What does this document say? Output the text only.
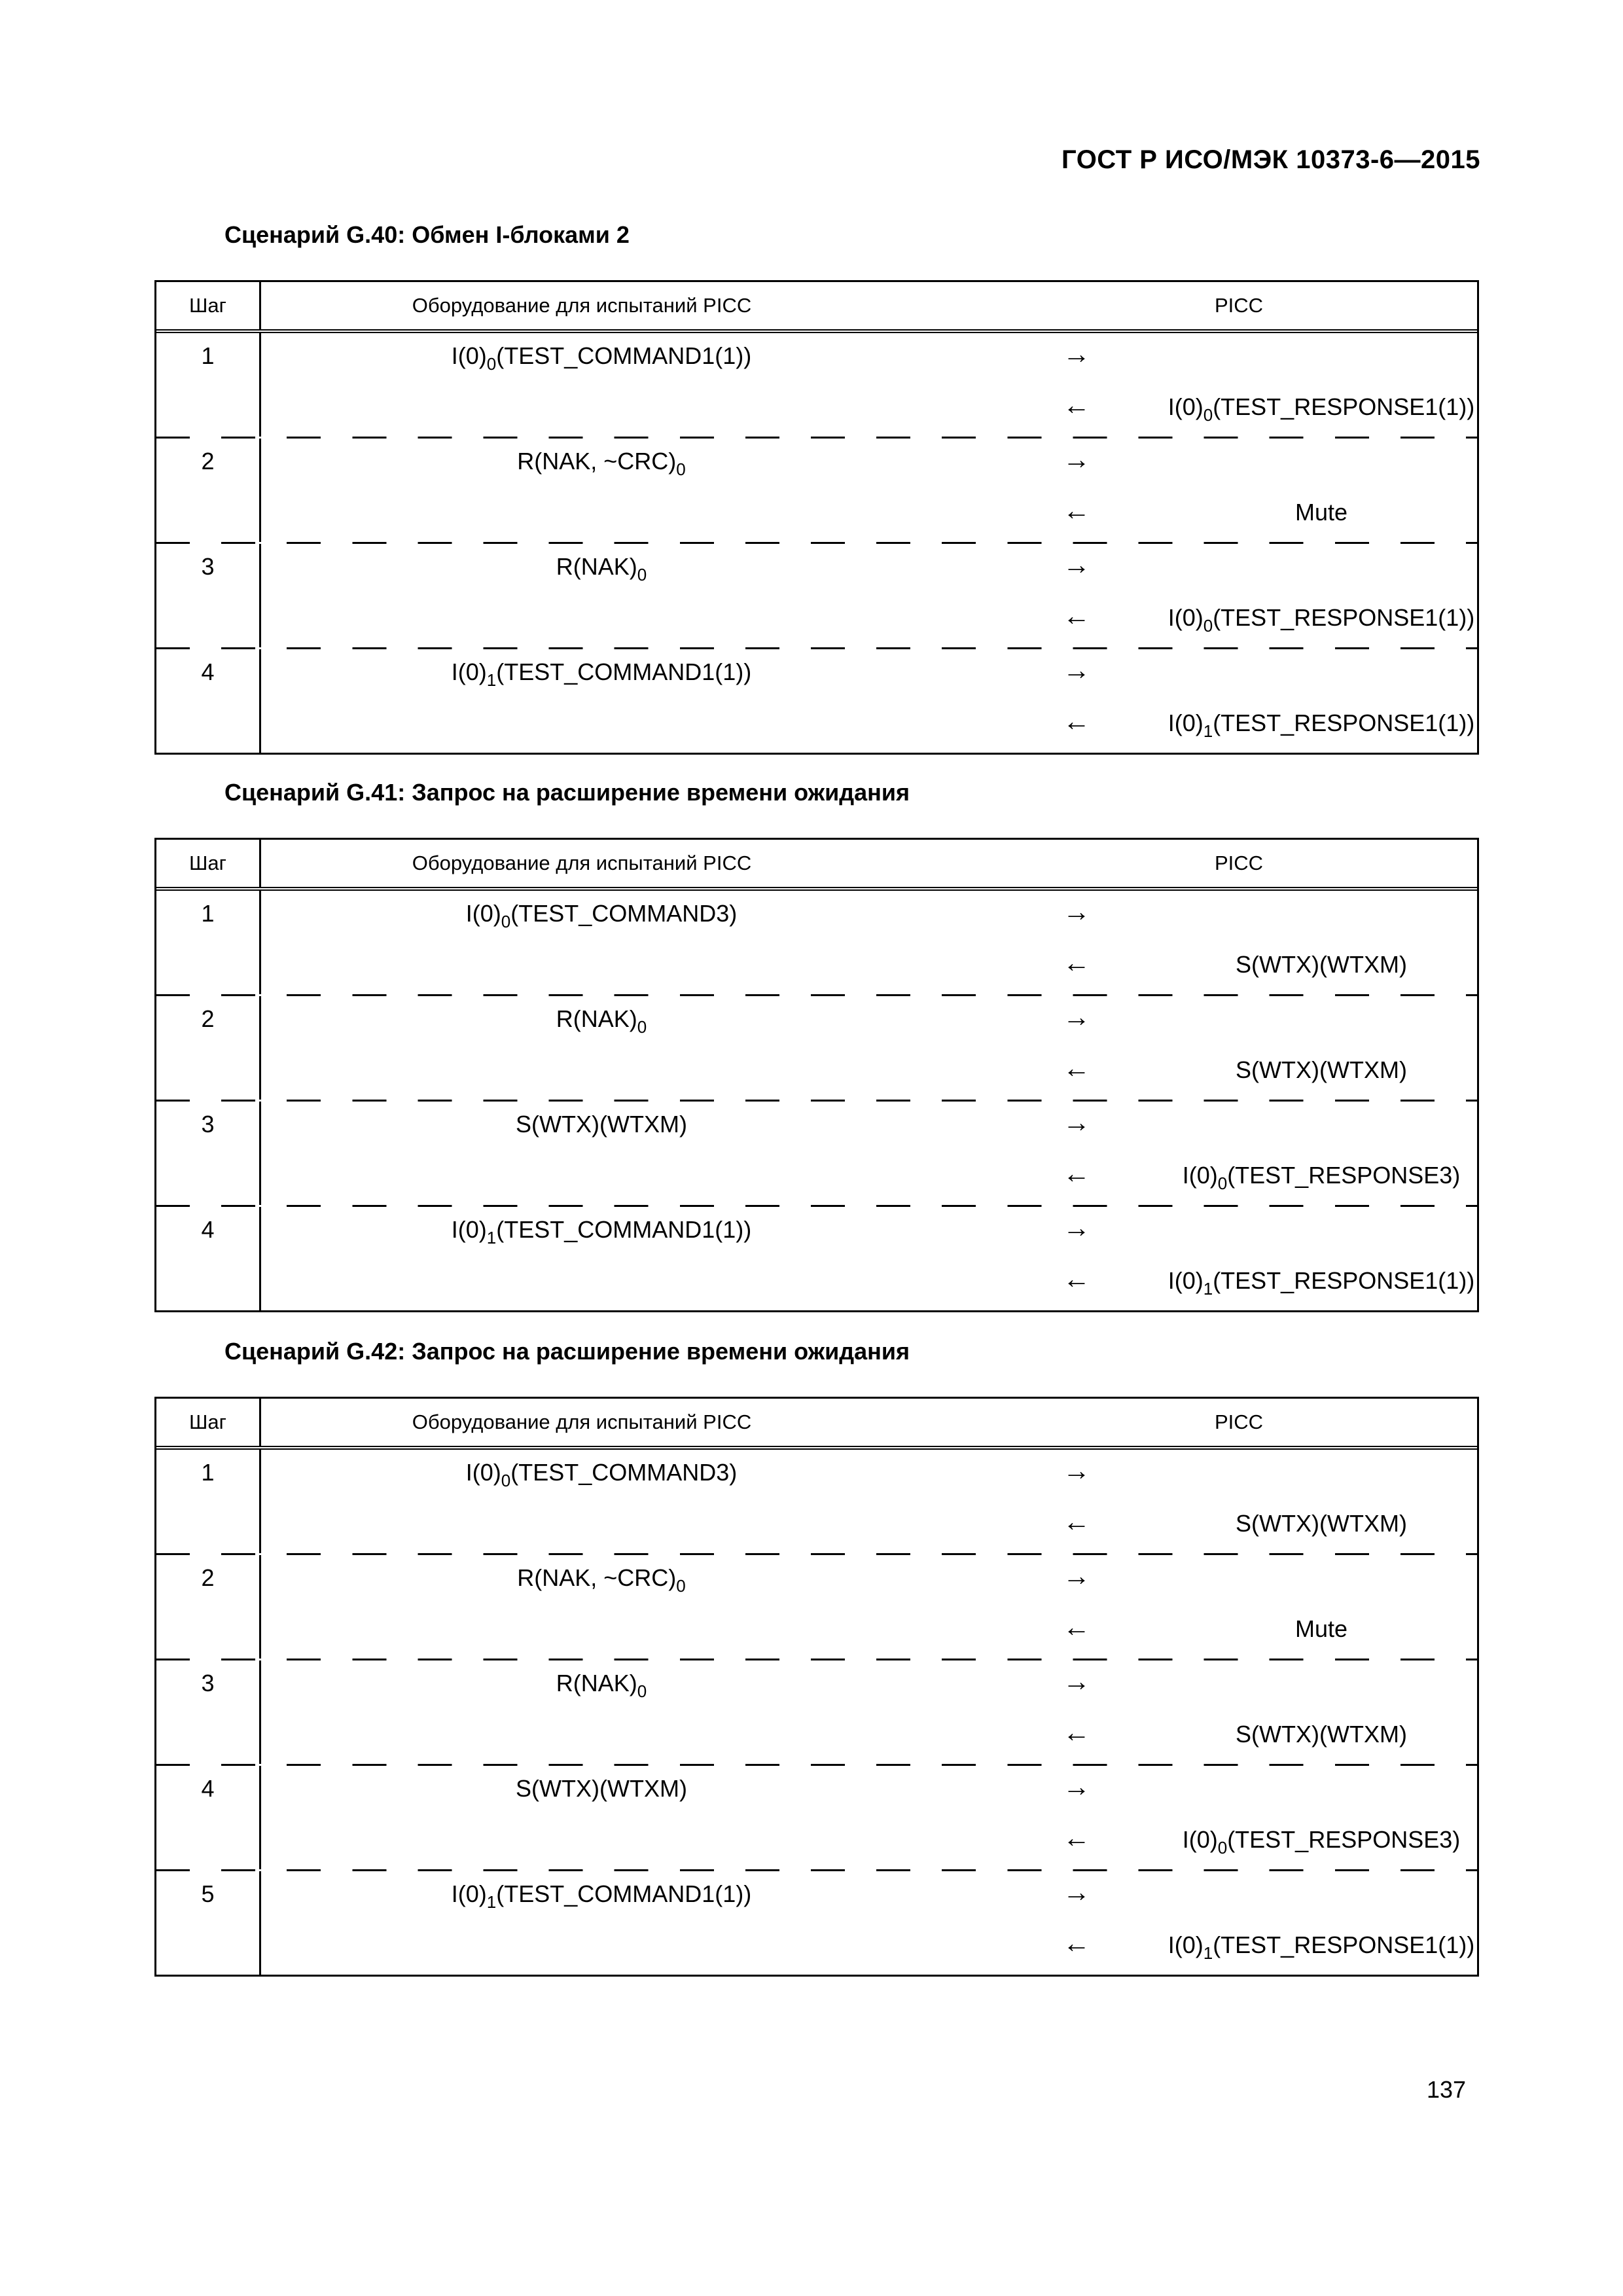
ГОСТ Р ИСО/МЭК 10373-6—2015
Сценарий G.40: Обмен I-блоками 2
Шаг	Оборудование для испытаний PICC	PICC
1	$I(0)_0(TEST\_COMMAND1(1))$	→
←	$I(0)_0(TEST\_RESPONSE1(1))$
2	R(NAK, $\sim CRC)_0$	→
←	Mute
3	$R(NAK)_0$	→
←	$I(0)_0(TEST\_RESPONSE1(1))$
4	$I(0)_1(TEST\_COMMAND1(1))$	→
←	$I(0)_1(TEST\_RESPONSE1(1))$
Сценарий G.41: Запрос на расширение времени ожидания
Шаг	Оборудование для испытаний PICC	PICC
1	$I(0)_0(TEST\_COMMAND3)$	→
←	S(WTX)(WTXM)
2	$R(NAK)_0$	→
←	S(WTX)(WTXM)
3	S(WTX)(WTXM)	→
←	$I(0)_0(TEST\_RESPONSE3)$
4	$I(0)_1(TEST\_COMMAND1(1))$	→
←	$I(0)_1(TEST\_RESPONSE1(1))$
Сценарий G.42: Запрос на расширение времени ожидания
Шаг	Оборудование для испытаний PICC	PICC
1	$I(0)_0(TEST\_COMMAND3)$	→
←	S(WTX)(WTXM)
2	R(NAK, $\sim CRC)_0$	→
←	Mute
3	$R(NAK)_0$	→
←	S(WTX)(WTXM)
4	S(WTX)(WTXM)	→
←	$I(0)_0(TEST\_RESPONSE3)$
5	$I(0)_1(TEST\_COMMAND1(1))$	→
←	$I(0)_1(TEST\_RESPONSE1(1))$
137
